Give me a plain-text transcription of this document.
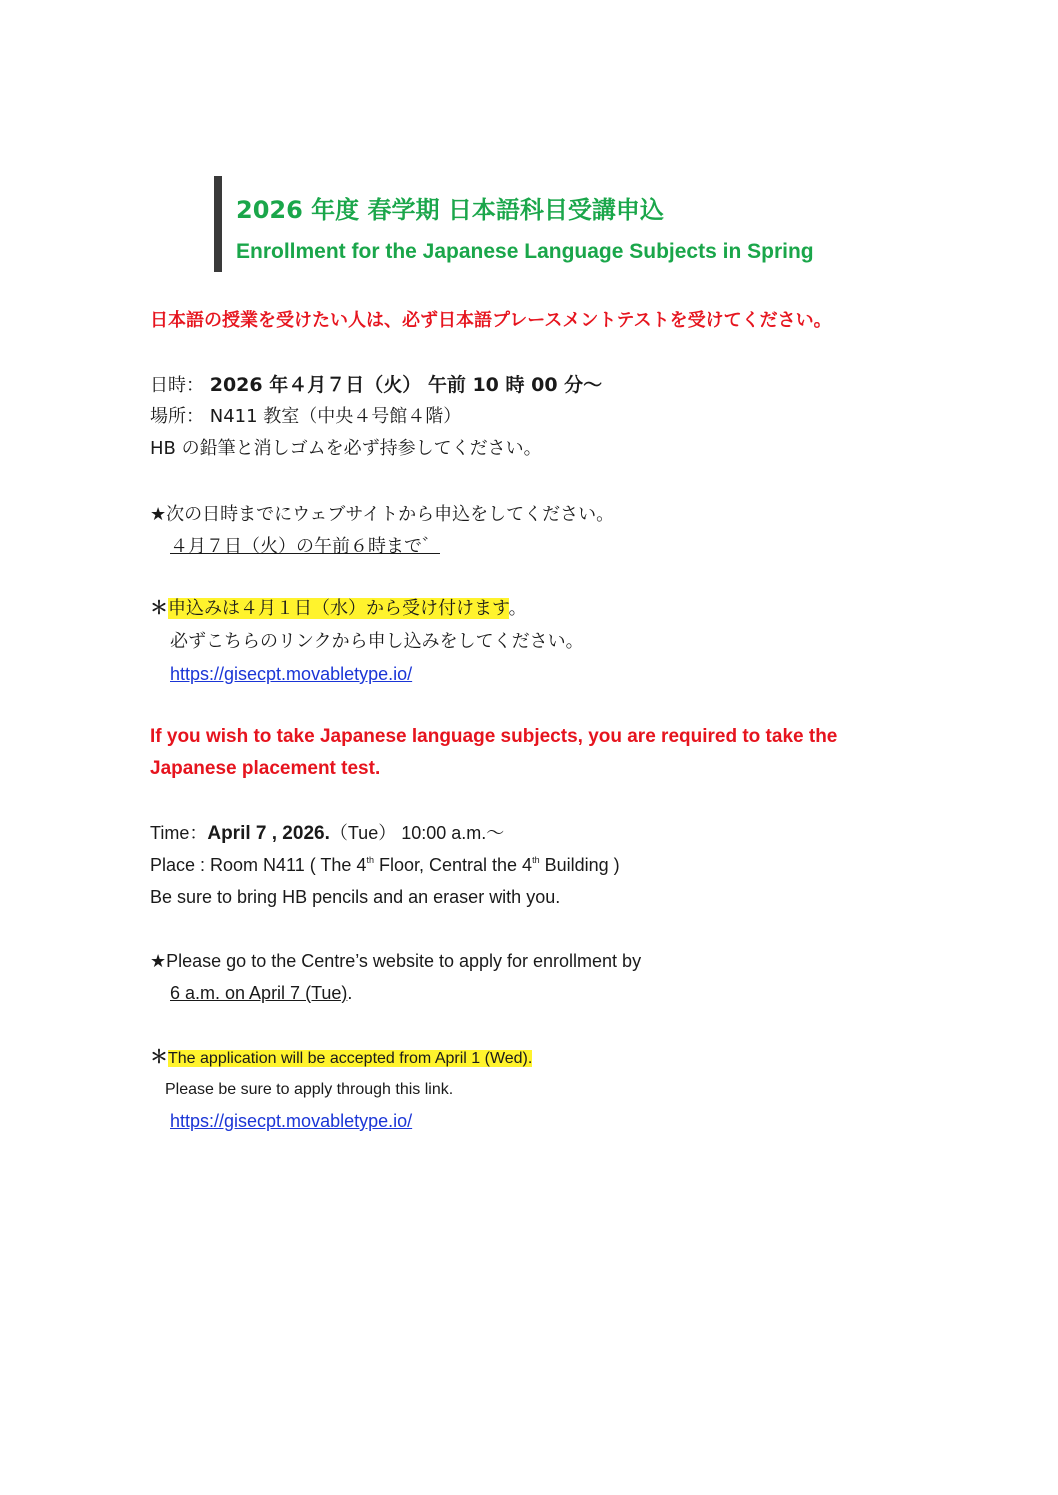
2026 年度 春学期 日本語科目受講申込
Enrollment for the Japanese Language Subjects in Spring
日本語の授業を受けたい人は、必ず日本語プレースメントテストを受けてください。
日時： 2026 年４月７日（火） 午前 10 時 00 分〜
場所： N411 教室（中央４号館４階）
HB の鉛筆と消しゴムを必ず持参してください。
★次の日時までにウェブサイトから申込をしてください。
４月７日（火）の午前６時まで゛
＊申込みは４月１日（水）から受け付けます。
必ずこちらのリンクから申し込みをしてください。
https://gisecpt.movabletype.io/
If you wish to take Japanese language subjects, you are required to take the
Japanese placement test.
Time：April 7 , 2026.（Tue） 10:00 a.m.〜
Place : Room N411 ( The 4th Floor, Central the 4th Building )
Be sure to bring HB pencils and an eraser with you.
★Please go to the Centre’s website to apply for enrollment by
6 a.m. on April 7 (Tue).
＊The application will be accepted from April 1 (Wed).
Please be sure to apply through this link.
https://gisecpt.movabletype.io/
